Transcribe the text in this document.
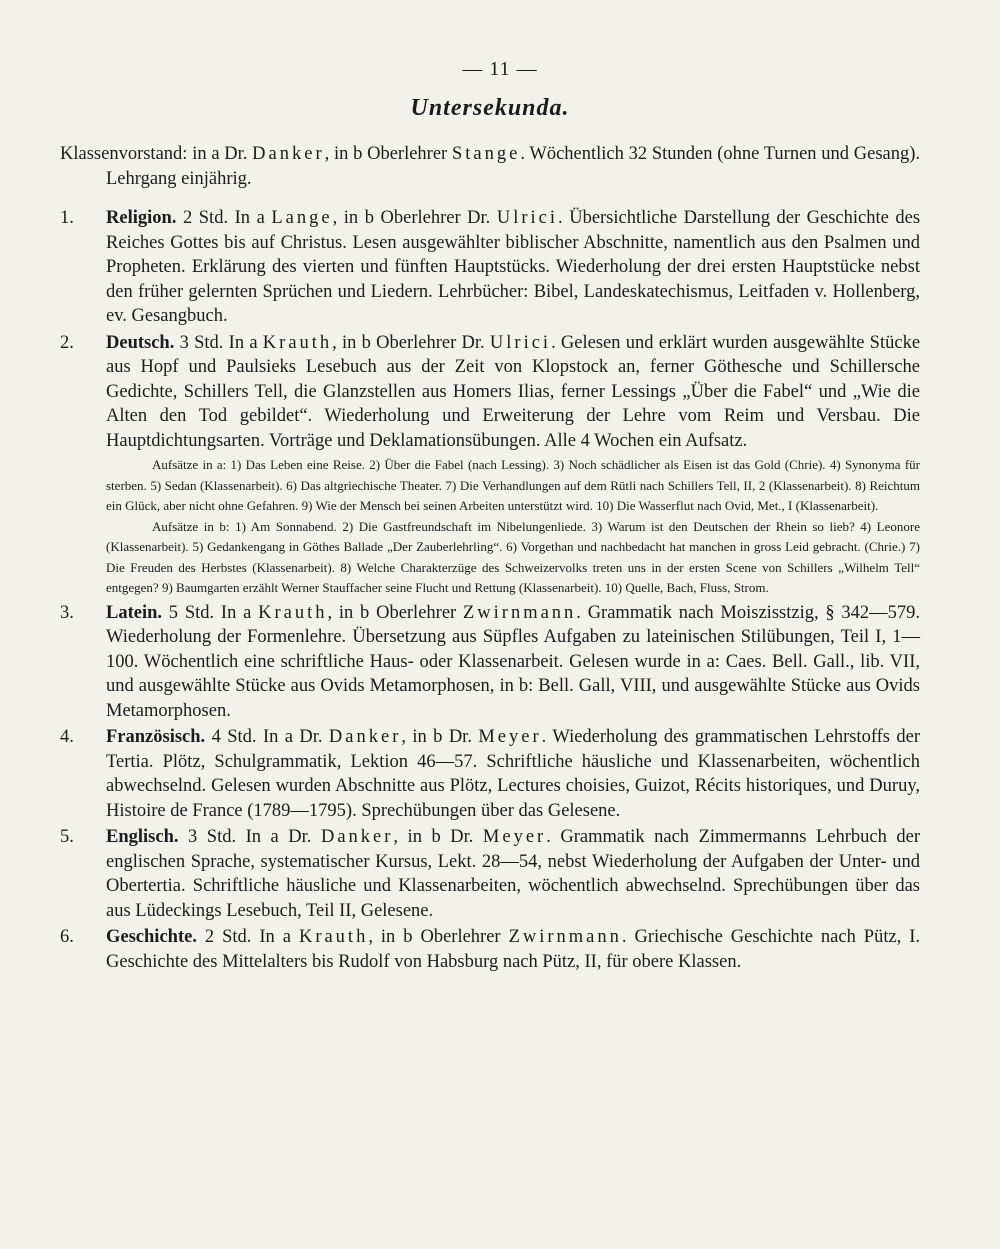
— 11 —
Untersekunda.
Klassenvorstand: in a Dr. Danker, in b Oberlehrer Stange. Wöchentlich 32 Stunden (ohne Turnen und Gesang). Lehrgang einjährig.
1.	Religion. 2 Std. In a Lange, in b Oberlehrer Dr. Ulrici. Übersichtliche Darstellung der Geschichte des Reiches Gottes bis auf Christus. Lesen ausgewählter biblischer Abschnitte, namentlich aus den Psalmen und Propheten. Erklärung des vierten und fünften Hauptstücks. Wiederholung der drei ersten Hauptstücke nebst den früher gelernten Sprüchen und Liedern. Lehrbücher: Bibel, Landeskatechismus, Leitfaden v. Hollenberg, ev. Gesangbuch.
2.	Deutsch. 3 Std. In a Krauth, in b Oberlehrer Dr. Ulrici. Gelesen und erklärt wurden ausgewählte Stücke aus Hopf und Paulsieks Lesebuch aus der Zeit von Klopstock an, ferner Göthesche und Schillersche Gedichte, Schillers Tell, die Glanzstellen aus Homers Ilias, ferner Lessings „Über die Fabel“ und „Wie die Alten den Tod gebildet“. Wiederholung und Erweiterung der Lehre vom Reim und Versbau. Die Hauptdichtungsarten. Vorträge und Deklamationsübungen. Alle 4 Wochen ein Aufsatz.

Aufsätze in a: 1) Das Leben eine Reise. 2) Über die Fabel (nach Lessing). 3) Noch schädlicher als Eisen ist das Gold (Chrie). 4) Synonyma für sterben. 5) Sedan (Klassenarbeit). 6) Das altgriechische Theater. 7) Die Verhandlungen auf dem Rütli nach Schillers Tell, II, 2 (Klassenarbeit). 8) Reichtum ein Glück, aber nicht ohne Gefahren. 9) Wie der Mensch bei seinen Arbeiten unterstützt wird. 10) Die Wasserflut nach Ovid, Met., I (Klassenarbeit).

Aufsätze in b: 1) Am Sonnabend. 2) Die Gastfreundschaft im Nibelungenliede. 3) Warum ist den Deutschen der Rhein so lieb? 4) Leonore (Klassenarbeit). 5) Gedankengang in Göthes Ballade „Der Zauberlehrling“. 6) Vorgethan und nachbedacht hat manchen in gross Leid gebracht. (Chrie.) 7) Die Freuden des Herbstes (Klassenarbeit). 8) Welche Charakterzüge des Schweizervolks treten uns in der ersten Scene von Schillers „Wilhelm Tell“ entgegen? 9) Baumgarten erzählt Werner Stauffacher seine Flucht und Rettung (Klassenarbeit). 10) Quelle, Bach, Fluss, Strom.

3.	Latein. 5 Std. In a Krauth, in b Oberlehrer Zwirnmann. Grammatik nach Moiszisstzig, § 342—579. Wiederholung der Formenlehre. Übersetzung aus Süpfles Aufgaben zu lateinischen Stilübungen, Teil I, 1—100. Wöchentlich eine schriftliche Haus- oder Klassenarbeit. Gelesen wurde in a: Caes. Bell. Gall., lib. VII, und ausgewählte Stücke aus Ovids Metamorphosen, in b: Bell. Gall, VIII, und ausgewählte Stücke aus Ovids Metamorphosen.
4.	Französisch. 4 Std. In a Dr. Danker, in b Dr. Meyer. Wiederholung des grammatischen Lehrstoffs der Tertia. Plötz, Schulgrammatik, Lektion 46—57. Schriftliche häusliche und Klassenarbeiten, wöchentlich abwechselnd. Gelesen wurden Abschnitte aus Plötz, Lectures choisies, Guizot, Récits historiques, und Duruy, Histoire de France (1789—1795). Sprechübungen über das Gelesene.
5.	Englisch. 3 Std. In a Dr. Danker, in b Dr. Meyer. Grammatik nach Zimmermanns Lehrbuch der englischen Sprache, systematischer Kursus, Lekt. 28—54, nebst Wiederholung der Aufgaben der Unter- und Obertertia. Schriftliche häusliche und Klassenarbeiten, wöchentlich abwechselnd. Sprechübungen über das aus Lüdeckings Lesebuch, Teil II, Gelesene.
6.	Geschichte. 2 Std. In a Krauth, in b Oberlehrer Zwirnmann. Griechische Geschichte nach Pütz, I. Geschichte des Mittelalters bis Rudolf von Habsburg nach Pütz, II, für obere Klassen.
